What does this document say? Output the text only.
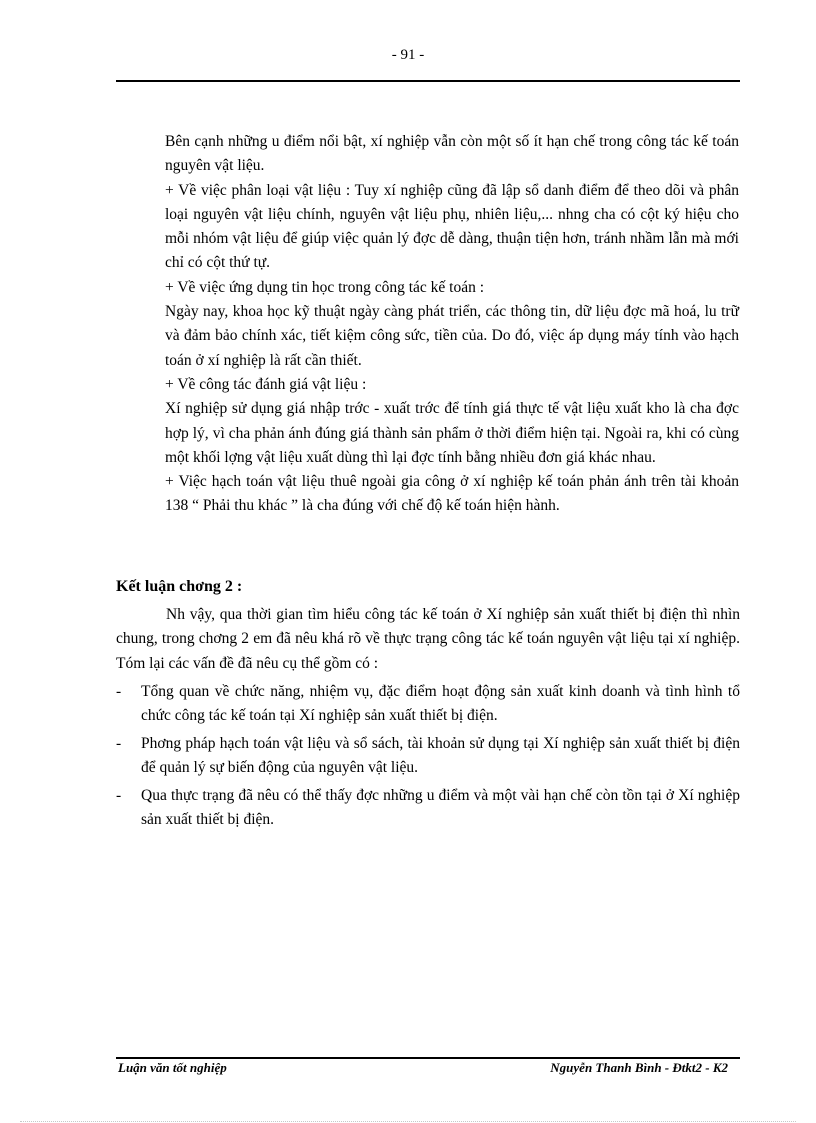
- 91 -

Bên cạnh những u điểm nổi bật, xí nghiệp vẫn còn một số ít hạn chế trong công tác kế toán nguyên vật liệu.

+ Về việc phân loại vật liệu : Tuy xí nghiệp cũng đã lập sổ danh điểm để theo dõi và phân loại nguyên vật liệu chính, nguyên vật liệu phụ, nhiên liệu,... nhng cha có cột ký hiệu cho mỗi nhóm vật liệu để giúp việc quản lý đợc dễ dàng, thuận tiện hơn, tránh nhầm lẫn mà mới chỉ có cột thứ tự.

+ Về việc ứng dụng tin học trong công tác kế toán :

Ngày nay, khoa học kỹ thuật ngày càng phát triển, các thông tin, dữ liệu đợc mã hoá, lu trữ và đảm bảo chính xác, tiết kiệm công sức, tiền của. Do đó, việc áp dụng máy tính vào hạch toán ở xí nghiệp là rất cần thiết.

+ Về công tác đánh giá vật liệu :

Xí nghiệp sử dụng giá nhập trớc - xuất trớc để tính giá thực tế vật liệu xuất kho là cha đợc hợp lý, vì cha phản ánh đúng giá thành sản phẩm ở thời điểm hiện tại. Ngoài ra, khi có cùng một khối lợng vật liệu xuất dùng thì lại đợc tính bằng nhiều đơn giá khác nhau.

+ Việc hạch toán vật liệu thuê ngoài gia công ở xí nghiệp kế toán phản ánh trên tài khoản 138 “ Phải thu khác ” là cha đúng với chế độ kế toán hiện hành.

Kết luận chơng 2 :

Nh vậy, qua thời gian tìm hiểu công tác kế toán ở Xí nghiệp sản xuất thiết bị điện thì nhìn chung, trong chơng 2 em đã nêu khá rõ về thực trạng công tác kế toán nguyên vật liệu tại xí nghiệp. Tóm lại các vấn đề đã nêu cụ thể gồm có :

- Tổng quan về chức năng, nhiệm vụ, đặc điểm hoạt động sản xuất kinh doanh và tình hình tổ chức công tác kế toán tại Xí nghiệp sản xuất thiết bị điện.
- Phơng pháp hạch toán vật liệu và sổ sách, tài khoản sử dụng tại Xí nghiệp sản xuất thiết bị điện để quản lý sự biến động của nguyên vật liệu.
- Qua thực trạng đã nêu có thể thấy đợc những u điểm và một vài hạn chế còn tồn tại ở Xí nghiệp sản xuất thiết bị điện.
Luận văn tốt nghiệp	Nguyễn Thanh Bình - Đtkt2 - K2
